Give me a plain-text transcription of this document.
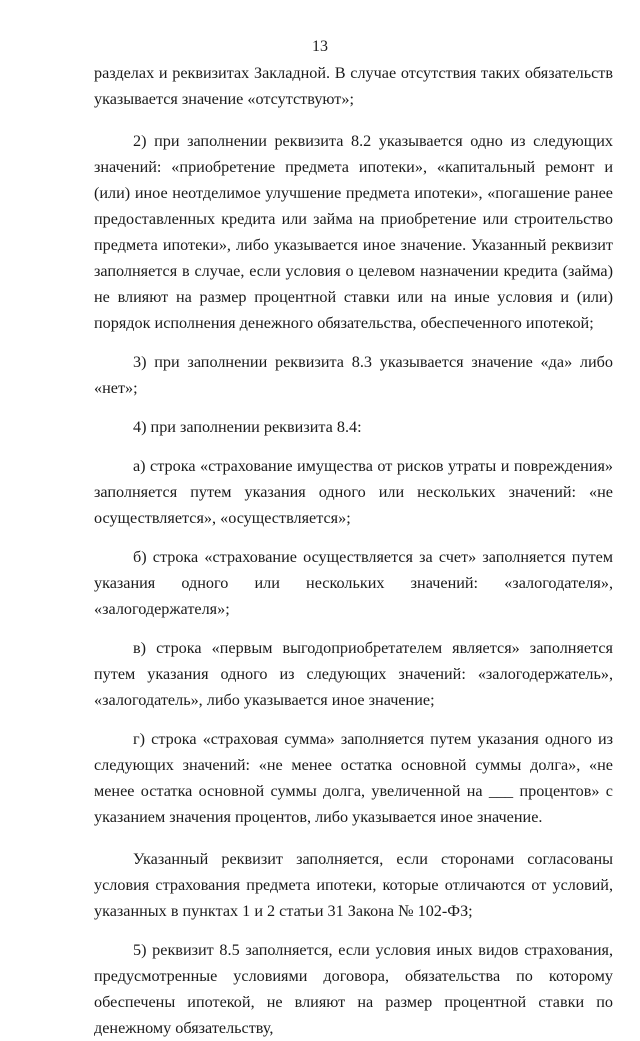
13

разделах и реквизитах Закладной. В случае отсутствия таких обязательств указывается значение «отсутствуют»;

2) при заполнении реквизита 8.2 указывается одно из следующих значений: «приобретение предмета ипотеки», «капитальный ремонт и (или) иное неотделимое улучшение предмета ипотеки», «погашение ранее предоставленных кредита или займа на приобретение или строительство предмета ипотеки», либо указывается иное значение. Указанный реквизит заполняется в случае, если условия о целевом назначении кредита (займа) не влияют на размер процентной ставки или на иные условия и (или) порядок исполнения денежного обязательства, обеспеченного ипотекой;

3) при заполнении реквизита 8.3 указывается значение «да» либо «нет»;

4) при заполнении реквизита 8.4:

а) строка «страхование имущества от рисков утраты и повреждения» заполняется путем указания одного или нескольких значений: «не осуществляется», «осуществляется»;

б) строка «страхование осуществляется за счет» заполняется путем указания одного или нескольких значений: «залогодателя», «залогодержателя»;

в) строка «первым выгодоприобретателем является» заполняется путем указания одного из следующих значений: «залогодержатель», «залогодатель», либо указывается иное значение;

г) строка «страховая сумма» заполняется путем указания одного из следующих значений: «не менее остатка основной суммы долга», «не менее остатка основной суммы долга, увеличенной на ___ процентов» с указанием значения процентов, либо указывается иное значение.

Указанный реквизит заполняется, если сторонами согласованы условия страхования предмета ипотеки, которые отличаются от условий, указанных в пунктах 1 и 2 статьи 31 Закона № 102-ФЗ;

5) реквизит 8.5 заполняется, если условия иных видов страхования, предусмотренные условиями договора, обязательства по которому обеспечены ипотекой, не влияют на размер процентной ставки по денежному обязательству,
